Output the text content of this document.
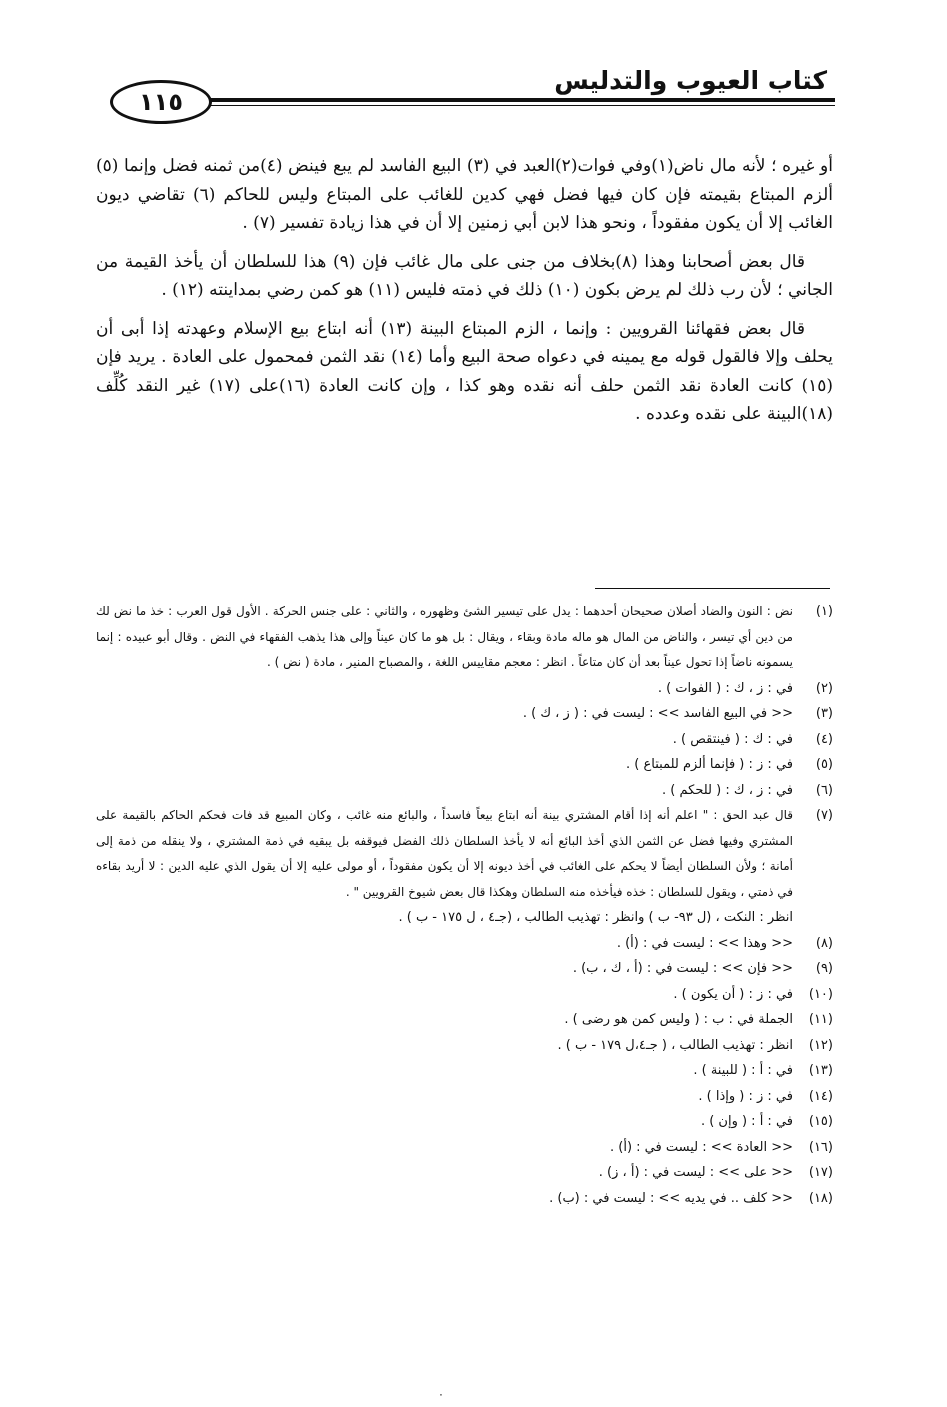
١١٥
كتاب العيوب والتدليس

أو غيره ؛ لأنه مال ناض(١)وفي فوات(٢)العبد في (٣) البيع الفاسد لم يبع فينض (٤)من ثمنه فضل وإنما (٥) ألزم المبتاع بقيمته فإن كان فيها فضل فهي كدين للغائب على المبتاع وليس للحاكم (٦) تقاضي ديون الغائب إلا أن يكون مفقوداً ، ونحو هذا لابن أبي زمنين إلا أن في هذا زيادة تفسير (٧) .

قال بعض أصحابنا وهذا (٨)بخلاف من جنى على مال غائب فإن (٩) هذا للسلطان أن يأخذ القيمة من الجاني ؛ لأن رب ذلك لم يرض بكون (١٠) ذلك في ذمته فليس (١١) هو كمن رضي بمداينته (١٢) .

قال بعض فقهائنا القرويين : وإنما ، الزم المبتاع البينة (١٣) أنه ابتاع بيع الإسلام وعهدته إذا أبى أن يحلف وإلا فالقول قوله مع يمينه في دعواه صحة البيع وأما (١٤) نقد الثمن فمحمول على العادة . يريد فإن (١٥) كانت العادة نقد الثمن حلف أنه نقده وهو كذا ، وإن كانت العادة (١٦)على (١٧) غير النقد كُلِّف (١٨)البينة على نقده وعدده .

(١)
نض : النون والضاد أصلان صحيحان أحدهما : يدل على تيسير الشئ وظهوره ، والثاني : على جنس الحركة . الأول قول العرب : خذ ما نض لك من دين أي تيسر ، والناض من المال هو ماله مادة وبقاء ، ويقال : بل هو ما كان عيناً وإلى هذا يذهب الفقهاء في النض . وقال أبو عبيده : إنما يسمونه ناضاً إذا تحول عيناً بعد أن كان متاعاً . انظر : معجم مقاييس اللغة ، والمصباح المنير ، مادة ( نض ) .
(٢)
في : ز ، ك : ( الفوات ) .
(٣)
<< في البيع الفاسد >> : ليست في : ( ز ، ك ) .
(٤)
في : ك : ( فينتقص ) .
(٥)
في : ز : ( فإنما ألزم للمبتاع ) .
(٦)
في : ز ، ك : ( للحكم ) .
(٧)
قال عبد الحق : " اعلم أنه إذا أقام المشتري بينة أنه ابتاع بيعاً فاسداً ، والبائع منه غائب ، وكان المبيع قد فات فحكم الحاكم بالقيمة على المشتري وفيها فضل عن الثمن الذي أخذ البائع أنه لا يأخذ السلطان ذلك الفضل فيوقفه بل يبقيه في ذمة المشتري ، ولا ينقله من ذمة إلى أمانة ؛ ولأن السلطان أيضاً لا يحكم على الغائب في أخذ ديونه إلا أن يكون مفقوداً ، أو مولى عليه إلا أن يقول الذي عليه الدين : لا أريد بقاءه في ذمتي ، ويقول للسلطان : خذه فيأخذه منه السلطان وهكذا قال بعض شيوخ القرويين " .
انظر : النكت ، (ل ٩٣- ب ) وانظر : تهذيب الطالب ، (جـ٤ ، ل ١٧٥ - ب ) .
(٨)
<< وهذا >> : ليست في : (أ) .
(٩)
<< فإن >> : ليست في : (أ ، ك ، ب) .
(١٠)
في : ز : ( أن يكون ) .
(١١)
الجملة في : ب : ( وليس كمن هو رضى ) .
(١٢)
انظر : تهذيب الطالب ، ( جـ٤،ل ١٧٩ - ب ) .
(١٣)
في : أ : ( للبينة ) .
(١٤)
في : ز : ( وإذا ) .
(١٥)
في : أ : ( وإن ) .
(١٦)
<< العادة >> : ليست في : (أ) .
(١٧)
<< على >> : ليست في : (أ ، ز) .
(١٨)
<< كلف .. في يديه >> : ليست في : (ب) .
٠
